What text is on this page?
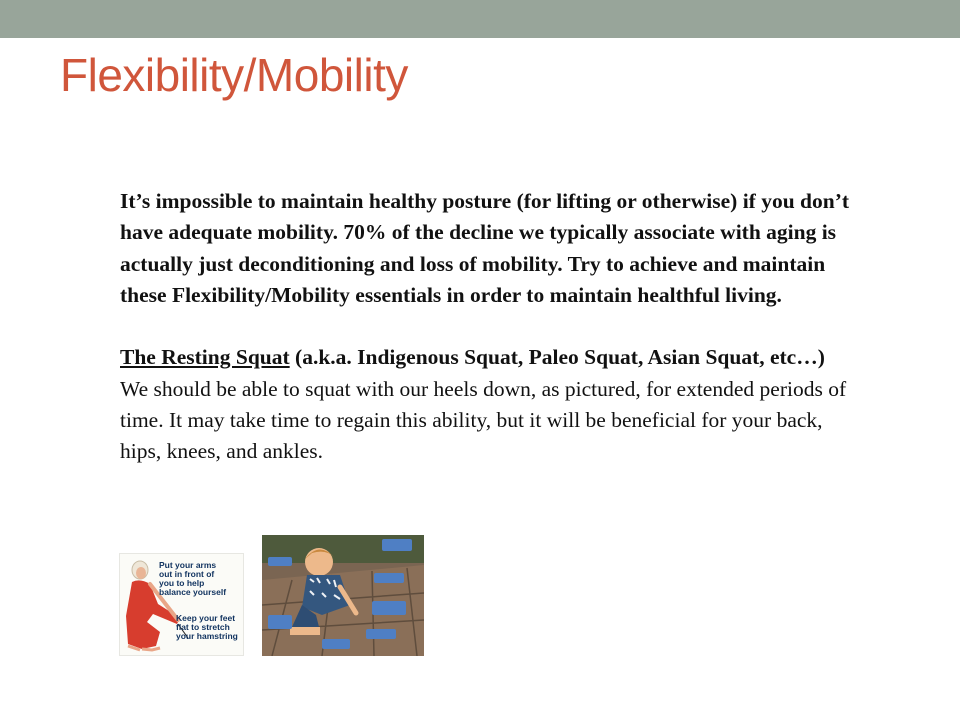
Flexibility/Mobility

It’s impossible to maintain healthy posture (for lifting or otherwise) if you don’t have adequate mobility. 70% of the decline we typically associate with aging is actually just deconditioning and loss of mobility. Try to achieve and maintain these Flexibility/Mobility essentials in order to maintain healthful living.

The Resting Squat (a.k.a. Indigenous Squat, Paleo Squat, Asian Squat, etc…)

We should be able to squat with our heels down, as pictured, for extended periods of time. It may take time to regain this ability, but it will be beneficial for your back, hips, knees, and ankles.

Put your arms
out in front of
you to help
balance yourself
Keep your feet
flat to stretch
your hamstring
